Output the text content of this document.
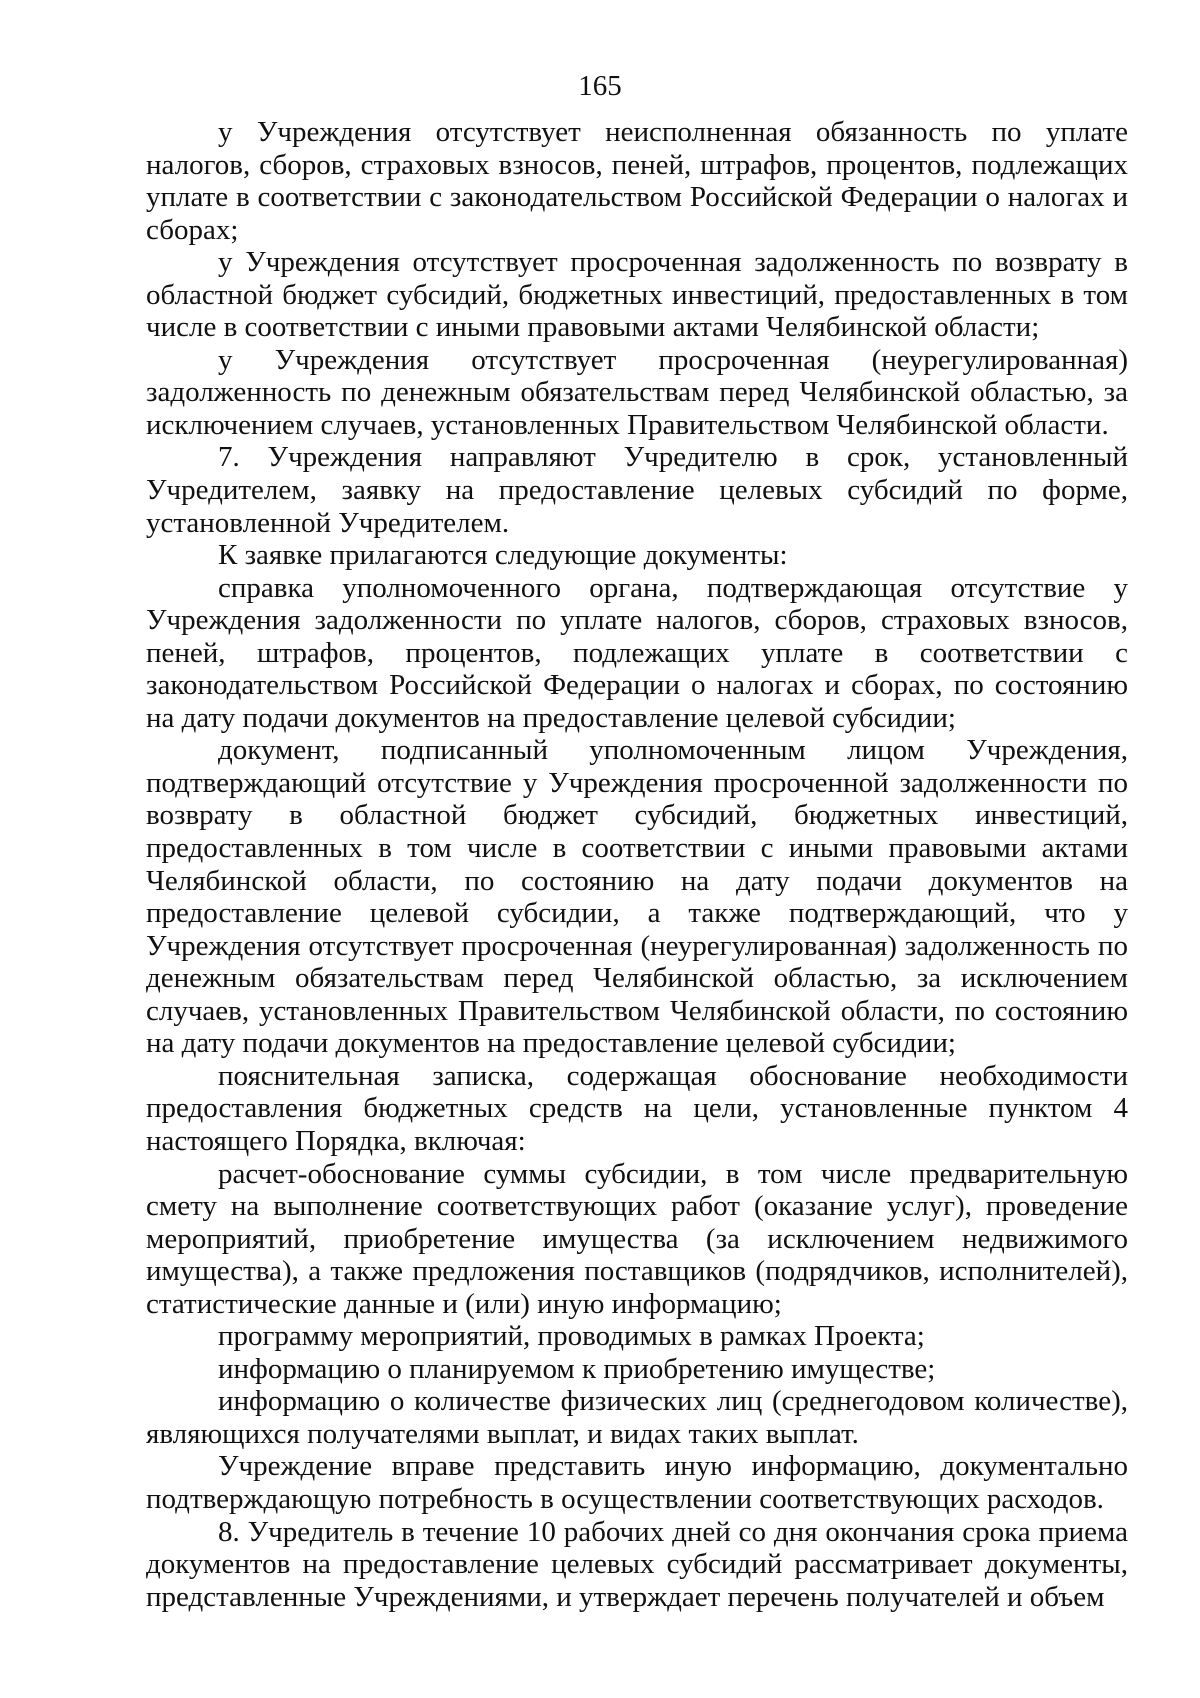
165

у Учреждения отсутствует неисполненная обязанность по уплате налогов, сборов, страховых взносов, пеней, штрафов, процентов, подлежащих уплате в соответствии с законодательством Российской Федерации о налогах и сборах;

у Учреждения отсутствует просроченная задолженность по возврату в областной бюджет субсидий, бюджетных инвестиций, предоставленных в том числе в соответствии с иными правовыми актами Челябинской области;

у Учреждения отсутствует просроченная (неурегулированная) задолженность по денежным обязательствам перед Челябинской областью, за исключением случаев, установленных Правительством Челябинской области.

7. Учреждения направляют Учредителю в срок, установленный Учредителем, заявку на предоставление целевых субсидий по форме, установленной Учредителем.

К заявке прилагаются следующие документы:

справка уполномоченного органа, подтверждающая отсутствие у Учреждения задолженности по уплате налогов, сборов, страховых взносов, пеней, штрафов, процентов, подлежащих уплате в соответствии с законодательством Российской Федерации о налогах и сборах, по состоянию на дату подачи документов на предоставление целевой субсидии;

документ, подписанный уполномоченным лицом Учреждения, подтверждающий отсутствие у Учреждения просроченной задолженности по возврату в областной бюджет субсидий, бюджетных инвестиций, предоставленных в том числе в соответствии с иными правовыми актами Челябинской области, по состоянию на дату подачи документов на предоставление целевой субсидии, а также подтверждающий, что у Учреждения отсутствует просроченная (неурегулированная) задолженность по денежным обязательствам перед Челябинской областью, за исключением случаев, установленных Правительством Челябинской области, по состоянию на дату подачи документов на предоставление целевой субсидии;

пояснительная записка, содержащая обоснование необходимости предоставления бюджетных средств на цели, установленные пунктом 4 настоящего Порядка, включая:

расчет-обоснование суммы субсидии, в том числе предварительную смету на выполнение соответствующих работ (оказание услуг), проведение мероприятий, приобретение имущества (за исключением недвижимого имущества), а также предложения поставщиков (подрядчиков, исполнителей), статистические данные и (или) иную информацию;

программу мероприятий, проводимых в рамках Проекта;

информацию о планируемом к приобретению имуществе;

информацию о количестве физических лиц (среднегодовом количестве), являющихся получателями выплат, и видах таких выплат.

Учреждение вправе представить иную информацию, документально подтверждающую потребность в осуществлении соответствующих расходов.

8. Учредитель в течение 10 рабочих дней со дня окончания срока приема документов на предоставление целевых субсидий рассматривает документы, представленные Учреждениями, и утверждает перечень получателей и объем
